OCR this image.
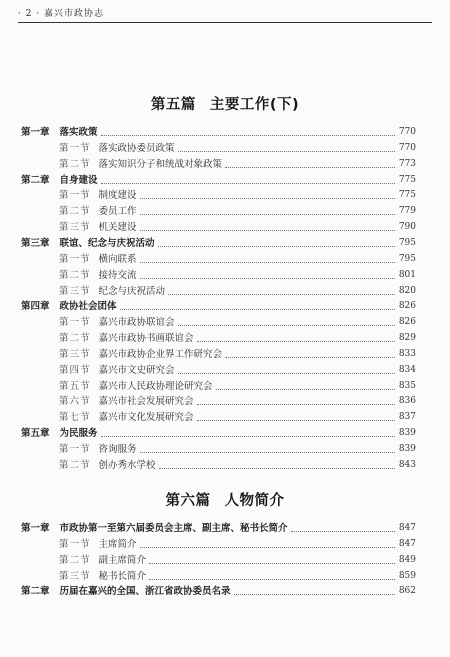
· 2 · 嘉兴市政协志
第五篇 主要工作(下)
第一章 落实政策	770
第一节 落实政协委员政策	770
第二节 落实知识分子和统战对象政策	773
第二章 自身建设	775
第一节 制度建设	775
第二节 委员工作	779
第三节 机关建设	790
第三章 联谊、纪念与庆祝活动	795
第一节 横向联系	795
第二节 接待交流	801
第三节 纪念与庆祝活动	820
第四章 政协社会团体	826
第一节 嘉兴市政协联谊会	826
第二节 嘉兴市政协书画联谊会	829
第三节 嘉兴市政协企业界工作研究会	833
第四节 嘉兴市文史研究会	834
第五节 嘉兴市人民政协理论研究会	835
第六节 嘉兴市社会发展研究会	836
第七节 嘉兴市文化发展研究会	837
第五章 为民服务	839
第一节 咨询服务	839
第二节 创办秀水学校	843
第六篇 人物简介
第一章 市政协第一至第六届委员会主席、副主席、秘书长简介	847
第一节 主席简介	847
第二节 副主席简介	849
第三节 秘书长简介	859
第二章 历届在嘉兴的全国、浙江省政协委员名录	862
